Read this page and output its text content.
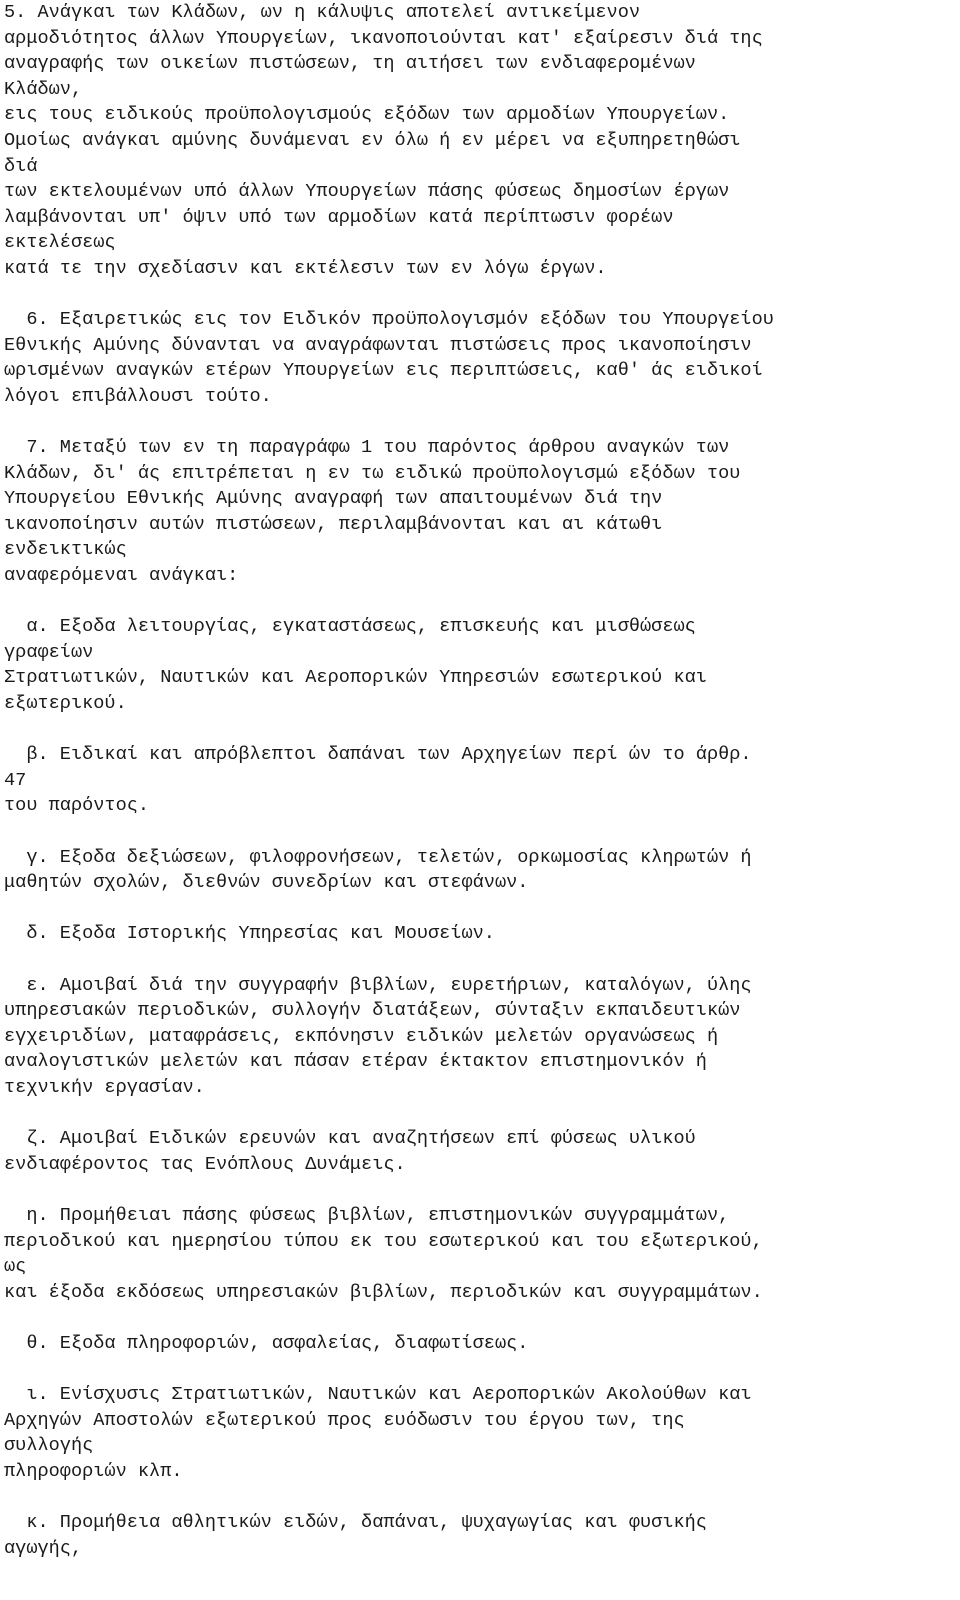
5. Ανάγκαι των Κλάδων, ων η κάλυψις αποτελεί αντικείμενον
αρμοδιότητος άλλων Υπουργείων, ικανοποιούνται κατ' εξαίρεσιν διά της
αναγραφής των οικείων πιστώσεων, τη αιτήσει των ενδιαφερομένων
Κλάδων,
εις τους ειδικούς προϋπολογισμούς εξόδων των αρμοδίων Υπουργείων.
Ομοίως ανάγκαι αμύνης δυνάμεναι εν όλω ή εν μέρει να εξυπηρετηθώσι
διά
των εκτελουμένων υπό άλλων Υπουργείων πάσης φύσεως δημοσίων έργων
λαμβάνονται υπ' όψιν υπό των αρμοδίων κατά περίπτωσιν φορέων
εκτελέσεως
κατά τε την σχεδίασιν και εκτέλεσιν των εν λόγω έργων.

6. Εξαιρετικώς εις τον Ειδικόν προϋπολογισμόν εξόδων του Υπουργείου
Εθνικής Αμύνης δύνανται να αναγράφωνται πιστώσεις προς ικανοποίησιν
ωρισμένων αναγκών ετέρων Υπουργείων εις περιπτώσεις, καθ' άς ειδικοί
λόγοι επιβάλλουσι τούτο.

7. Μεταξύ των εν τη παραγράφω 1 του παρόντος άρθρου αναγκών των
Κλάδων, δι' άς επιτρέπεται η εν τω ειδικώ προϋπολογισμώ εξόδων του
Υπουργείου Εθνικής Αμύνης αναγραφή των απαιτουμένων διά την
ικανοποίησιν αυτών πιστώσεων, περιλαμβάνονται και αι κάτωθι
ενδεικτικώς
αναφερόμεναι ανάγκαι:

α. Εξοδα λειτουργίας, εγκαταστάσεως, επισκευής και μισθώσεως
γραφείων
Στρατιωτικών, Ναυτικών και Αεροπορικών Υπηρεσιών εσωτερικού και
εξωτερικού.

β. Ειδικαί και απρόβλεπτοι δαπάναι των Αρχηγείων περί ών το άρθρ.
47
του παρόντος.

γ. Εξοδα δεξιώσεων, φιλοφρονήσεων, τελετών, ορκωμοσίας κληρωτών ή
μαθητών σχολών, διεθνών συνεδρίων και στεφάνων.

δ. Εξοδα Ιστορικής Υπηρεσίας και Μουσείων.

ε. Αμοιβαί διά την συγγραφήν βιβλίων, ευρετήριων, καταλόγων, ύλης
υπηρεσιακών περιοδικών, συλλογήν διατάξεων, σύνταξιν εκπαιδευτικών
εγχειριδίων, ματαφράσεις, εκπόνησιν ειδικών μελετών οργανώσεως ή
αναλογιστικών μελετών και πάσαν ετέραν έκτακτον επιστημονικόν ή
τεχνικήν εργασίαν.

ζ. Αμοιβαί Ειδικών ερευνών και αναζητήσεων επί φύσεως υλικού
ενδιαφέροντος τας Ενόπλους Δυνάμεις.

η. Προμήθειαι πάσης φύσεως βιβλίων, επιστημονικών συγγραμμάτων,
περιοδικού και ημερησίου τύπου εκ του εσωτερικού και του εξωτερικού,
ως
και έξοδα εκδόσεως υπηρεσιακών βιβλίων, περιοδικών και συγγραμμάτων.

θ. Εξοδα πληροφοριών, ασφαλείας, διαφωτίσεως.

ι. Ενίσχυσις Στρατιωτικών, Ναυτικών και Αεροπορικών Ακολούθων και
Αρχηγών Αποστολών εξωτερικού προς ευόδωσιν του έργου των, της
συλλογής
πληροφοριών κλπ.

κ. Προμήθεια αθλητικών ειδών, δαπάναι, ψυχαγωγίας και φυσικής
αγωγής,
